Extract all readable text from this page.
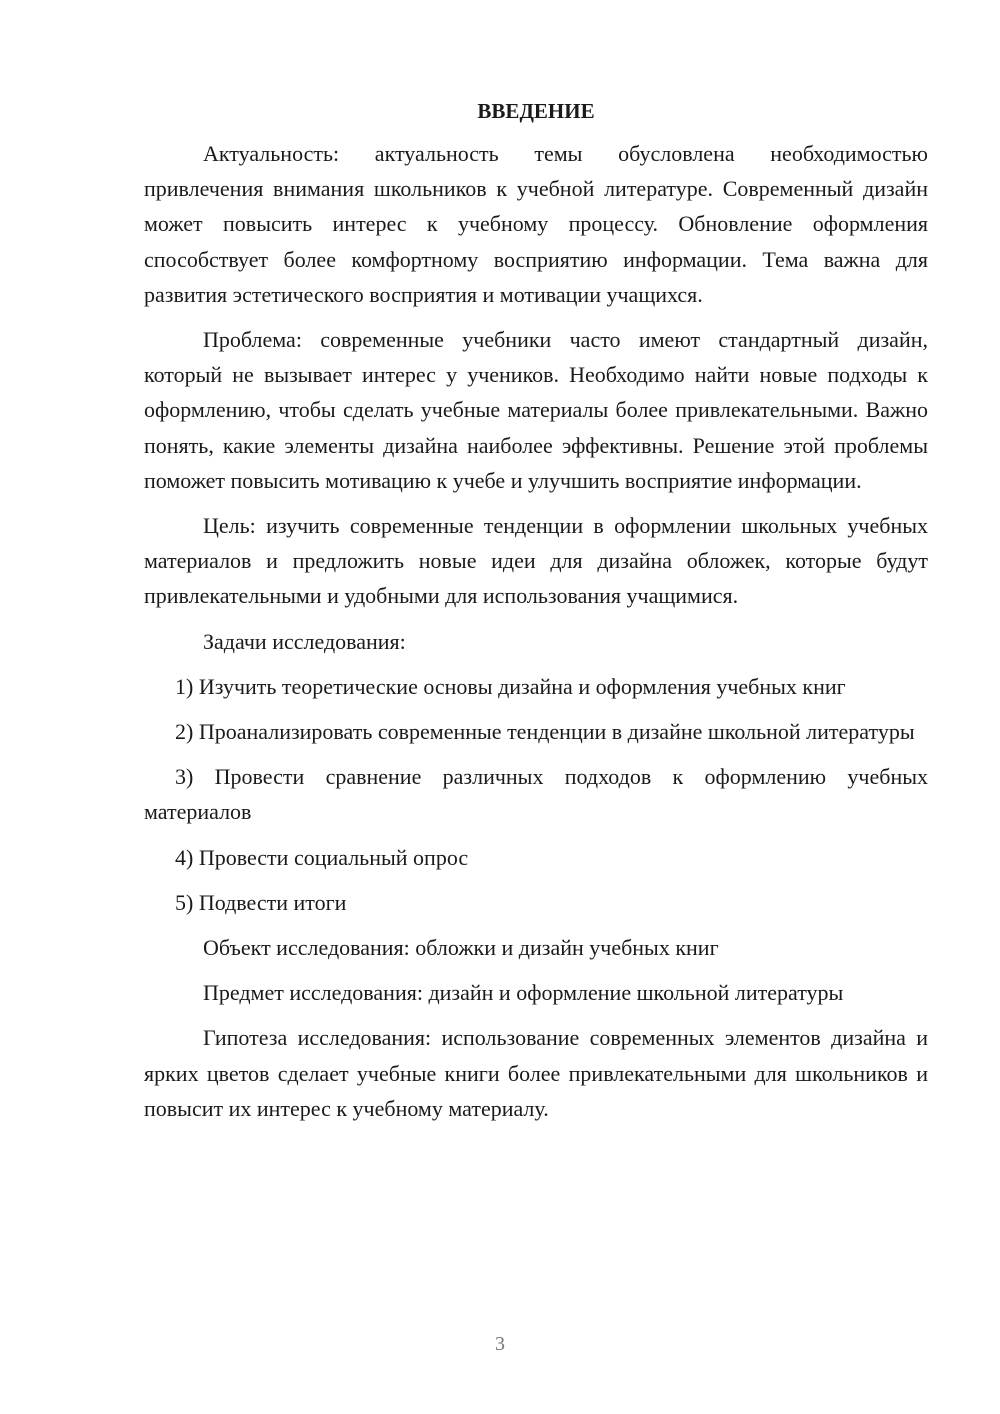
ВВЕДЕНИЕ

Актуальность: актуальность темы обусловлена необходимостью привлечения внимания школьников к учебной литературе. Современный дизайн может повысить интерес к учебному процессу. Обновление оформления способствует более комфортному восприятию информации. Тема важна для развития эстетического восприятия и мотивации учащихся.

Проблема: современные учебники часто имеют стандартный дизайн, который не вызывает интерес у учеников. Необходимо найти новые подходы к оформлению, чтобы сделать учебные материалы более привлекательными. Важно понять, какие элементы дизайна наиболее эффективны. Решение этой проблемы поможет повысить мотивацию к учебе и улучшить восприятие информации.

Цель: изучить современные тенденции в оформлении школьных учебных материалов и предложить новые идеи для дизайна обложек, которые будут привлекательными и удобными для использования учащимися.

Задачи исследования:

1) Изучить теоретические основы дизайна и оформления учебных книг

2) Проанализировать современные тенденции в дизайне школьной литературы

3) Провести сравнение различных подходов к оформлению учебных материалов

4) Провести социальный опрос

5) Подвести итоги

Объект исследования: обложки и дизайн учебных книг

Предмет исследования: дизайн и оформление школьной литературы

Гипотеза исследования: использование современных элементов дизайна и ярких цветов сделает учебные книги более привлекательными для школьников и повысит их интерес к учебному материалу.

3
